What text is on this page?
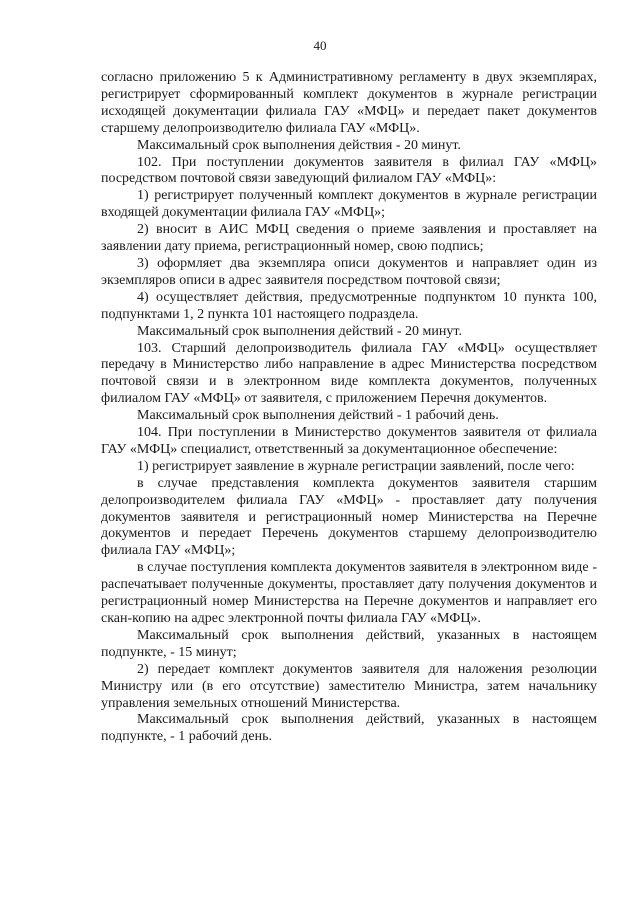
40

согласно приложению 5 к Административному регламенту в двух экземплярах, регистрирует сформированный комплект документов в журнале регистрации исходящей документации филиала ГАУ «МФЦ» и передает пакет документов старшему делопроизводителю филиала ГАУ «МФЦ».

Максимальный срок выполнения действия - 20 минут.

102. При поступлении документов заявителя в филиал ГАУ «МФЦ» посредством почтовой связи заведующий филиалом ГАУ «МФЦ»:

1) регистрирует полученный комплект документов в журнале регистрации входящей документации филиала ГАУ «МФЦ»;

2) вносит в АИС МФЦ сведения о приеме заявления и проставляет на заявлении дату приема, регистрационный номер, свою подпись;

3) оформляет два экземпляра описи документов и направляет один из экземпляров описи в адрес заявителя посредством почтовой связи;

4) осуществляет действия, предусмотренные подпунктом 10 пункта 100, подпунктами 1, 2 пункта 101 настоящего подраздела.

Максимальный срок выполнения действий - 20 минут.

103. Старший делопроизводитель филиала ГАУ «МФЦ» осуществляет передачу в Министерство либо направление в адрес Министерства посредством почтовой связи и в электронном виде комплекта документов, полученных филиалом ГАУ «МФЦ» от заявителя, с приложением Перечня документов.

Максимальный срок выполнения действий - 1 рабочий день.

104. При поступлении в Министерство документов заявителя от филиала ГАУ «МФЦ» специалист, ответственный за документационное обеспечение:

1) регистрирует заявление в журнале регистрации заявлений, после чего:

в случае представления комплекта документов заявителя старшим делопроизводителем филиала ГАУ «МФЦ» - проставляет дату получения документов заявителя и регистрационный номер Министерства на Перечне документов и передает Перечень документов старшему делопроизводителю филиала ГАУ «МФЦ»;

в случае поступления комплекта документов заявителя в электронном виде - распечатывает полученные документы, проставляет дату получения документов и регистрационный номер Министерства на Перечне документов и направляет его скан-копию на адрес электронной почты филиала ГАУ «МФЦ».

Максимальный срок выполнения действий, указанных в настоящем подпункте, - 15 минут;

2) передает комплект документов заявителя для наложения резолюции Министру или (в его отсутствие) заместителю Министра, затем начальнику управления земельных отношений Министерства.

Максимальный срок выполнения действий, указанных в настоящем подпункте, - 1 рабочий день.
